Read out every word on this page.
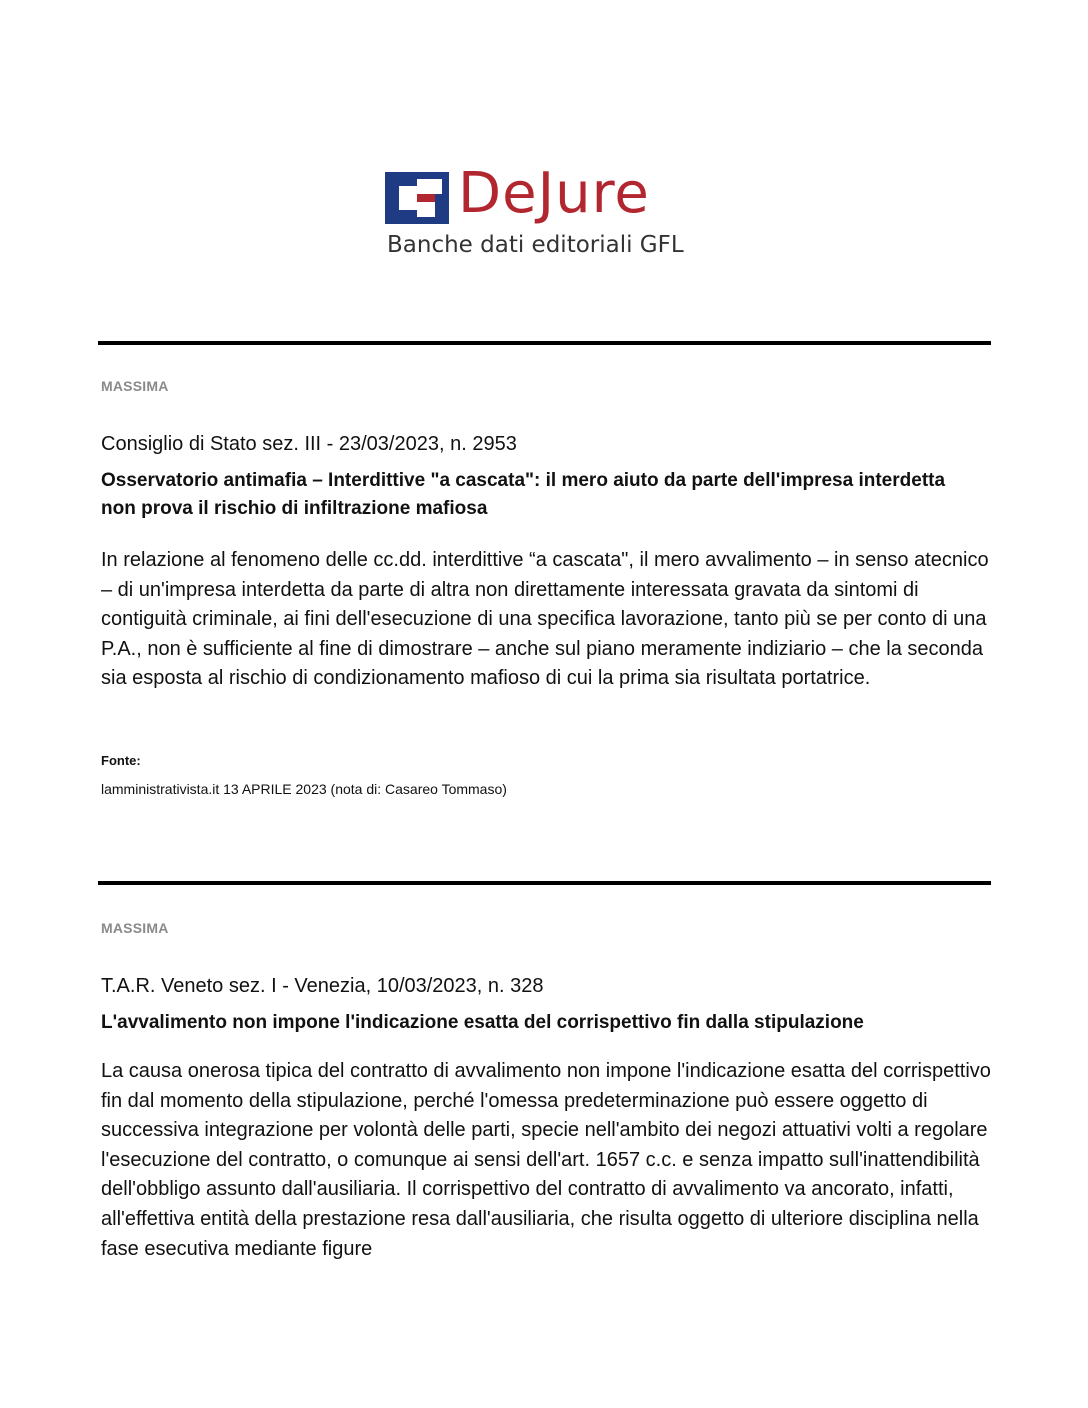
DeJure
Banche dati editoriali GFL
MASSIMA
Consiglio di Stato sez. III - 23/03/2023, n. 2953
Osservatorio antimafia – Interdittive "a cascata": il mero aiuto da parte dell'impresa interdetta non prova il rischio di infiltrazione mafiosa
In relazione al fenomeno delle cc.dd. interdittive “a cascata", il mero avvalimento – in senso atecnico – di un'impresa interdetta da parte di altra non direttamente interessata gravata da sintomi di contiguità criminale, ai fini dell'esecuzione di una specifica lavorazione, tanto più se per conto di una P.A., non è sufficiente al fine di dimostrare – anche sul piano meramente indiziario – che la seconda sia esposta al rischio di condizionamento mafioso di cui la prima sia risultata portatrice.
Fonte:
lamministrativista.it 13 APRILE 2023 (nota di: Casareo Tommaso)
MASSIMA
T.A.R. Veneto sez. I - Venezia, 10/03/2023, n. 328
L'avvalimento non impone l'indicazione esatta del corrispettivo fin dalla stipulazione
La causa onerosa tipica del contratto di avvalimento non impone l'indicazione esatta del corrispettivo fin dal momento della stipulazione, perché l'omessa predeterminazione può essere oggetto di successiva integrazione per volontà delle parti, specie nell'ambito dei negozi attuativi volti a regolare l'esecuzione del contratto, o comunque ai sensi dell'art. 1657 c.c. e senza impatto sull'inattendibilità dell'obbligo assunto dall'ausiliaria. Il corrispettivo del contratto di avvalimento va ancorato, infatti, all'effettiva entità della prestazione resa dall'ausiliaria, che risulta oggetto di ulteriore disciplina nella fase esecutiva mediante figure
